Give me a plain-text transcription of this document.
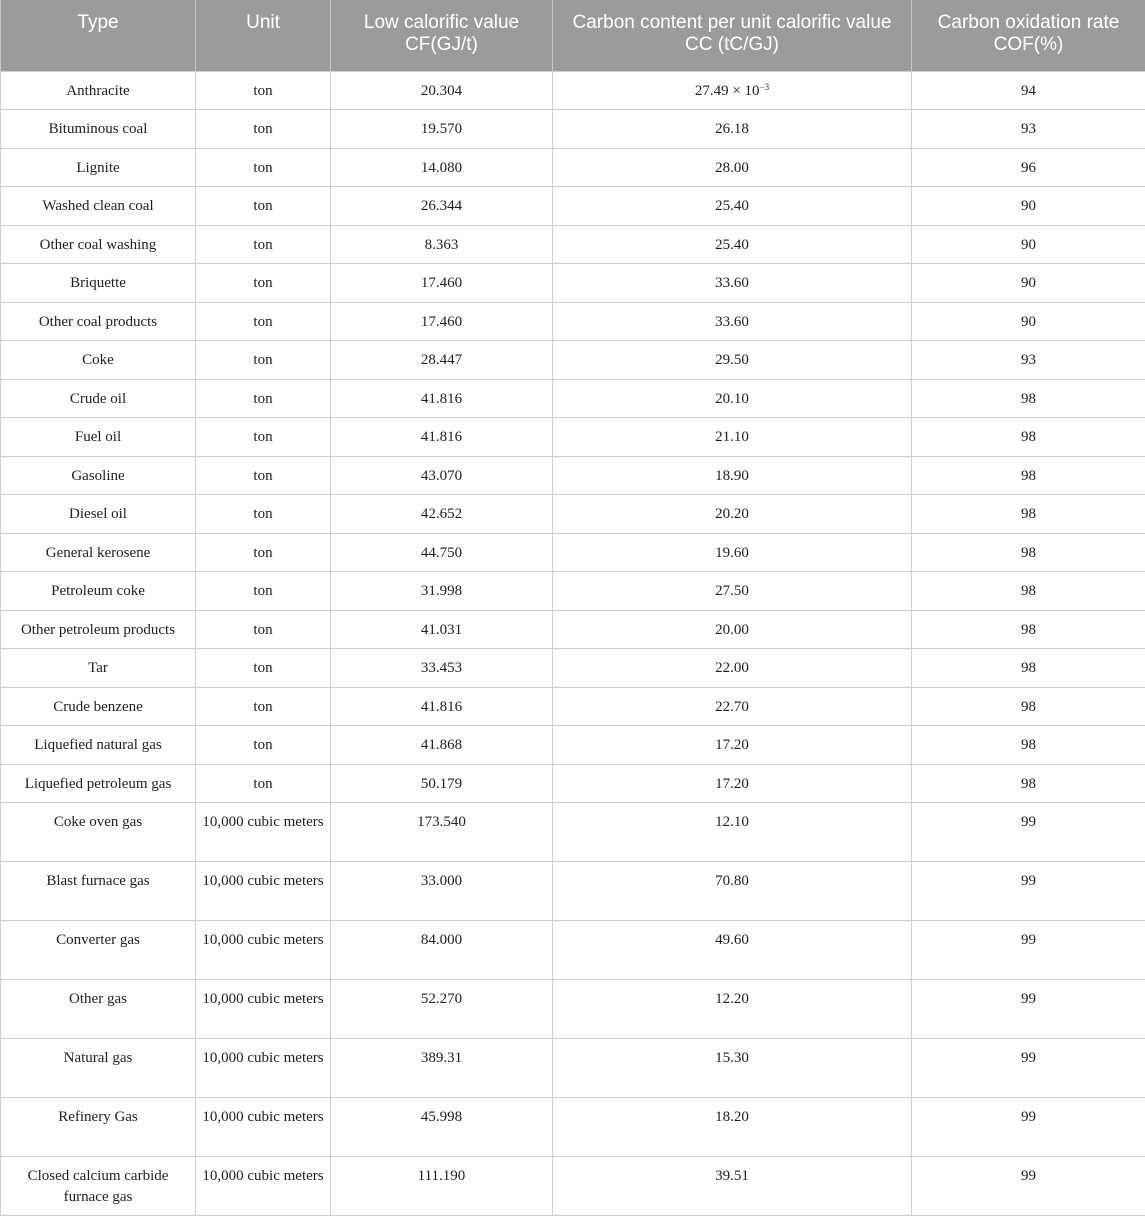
Type	Unit	Low calorific value CF(GJ/t)	Carbon content per unit calorific value CC (tC/GJ)	Carbon oxidation rate COF(%)
Anthracite	ton	20.304	$27.49 \times 10^{-3}$	94
Bituminous coal	ton	19.570	26.18	93
Lignite	ton	14.080	28.00	96
Washed clean coal	ton	26.344	25.40	90
Other coal washing	ton	8.363	25.40	90
Briquette	ton	17.460	33.60	90
Other coal products	ton	17.460	33.60	90
Coke	ton	28.447	29.50	93
Crude oil	ton	41.816	20.10	98
Fuel oil	ton	41.816	21.10	98
Gasoline	ton	43.070	18.90	98
Diesel oil	ton	42.652	20.20	98
General kerosene	ton	44.750	19.60	98
Petroleum coke	ton	31.998	27.50	98
Other petroleum products	ton	41.031	20.00	98
Tar	ton	33.453	22.00	98
Crude benzene	ton	41.816	22.70	98
Liquefied natural gas	ton	41.868	17.20	98
Liquefied petroleum gas	ton	50.179	17.20	98
Coke oven gas	10,000 cubic meters	173.540	12.10	99
Blast furnace gas	10,000 cubic meters	33.000	70.80	99
Converter gas	10,000 cubic meters	84.000	49.60	99
Other gas	10,000 cubic meters	52.270	12.20	99
Natural gas	10,000 cubic meters	389.31	15.30	99
Refinery Gas	10,000 cubic meters	45.998	18.20	99
Closed calcium carbide furnace gas	10,000 cubic meters	111.190	39.51	99
